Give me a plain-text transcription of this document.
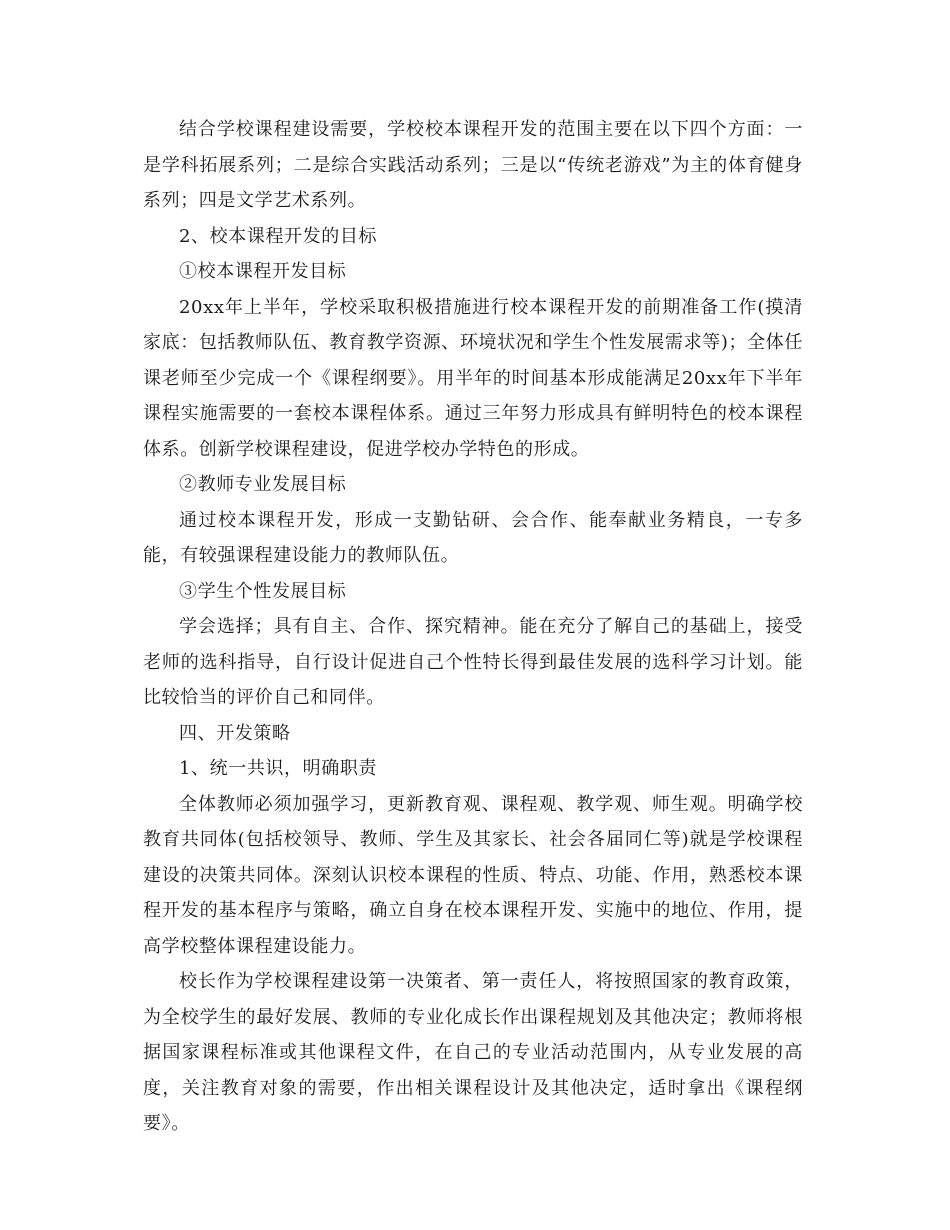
结合学校课程建设需要，学校校本课程开发的范围主要在以下四个方面：一是学科拓展系列；二是综合实践活动系列；三是以“传统老游戏”为主的体育健身系列；四是文学艺术系列。

2、校本课程开发的目标

①校本课程开发目标

20xx年上半年，学校采取积极措施进行校本课程开发的前期准备工作(摸清家底：包括教师队伍、教育教学资源、环境状况和学生个性发展需求等)；全体任课老师至少完成一个《课程纲要》。用半年的时间基本形成能满足20xx年下半年课程实施需要的一套校本课程体系。通过三年努力形成具有鲜明特色的校本课程体系。创新学校课程建设，促进学校办学特色的形成。

②教师专业发展目标

通过校本课程开发，形成一支勤钻研、会合作、能奉献业务精良，一专多能，有较强课程建设能力的教师队伍。

③学生个性发展目标

学会选择；具有自主、合作、探究精神。能在充分了解自己的基础上，接受老师的选科指导，自行设计促进自己个性特长得到最佳发展的选科学习计划。能比较恰当的评价自己和同伴。

四、开发策略

1、统一共识，明确职责

全体教师必须加强学习，更新教育观、课程观、教学观、师生观。明确学校教育共同体(包括校领导、教师、学生及其家长、社会各届同仁等)就是学校课程建设的决策共同体。深刻认识校本课程的性质、特点、功能、作用，熟悉校本课程开发的基本程序与策略，确立自身在校本课程开发、实施中的地位、作用，提高学校整体课程建设能力。

校长作为学校课程建设第一决策者、第一责任人，将按照国家的教育政策，为全校学生的最好发展、教师的专业化成长作出课程规划及其他决定；教师将根据国家课程标准或其他课程文件，在自己的专业活动范围内，从专业发展的高度，关注教育对象的需要，作出相关课程设计及其他决定，适时拿出《课程纲要》。
